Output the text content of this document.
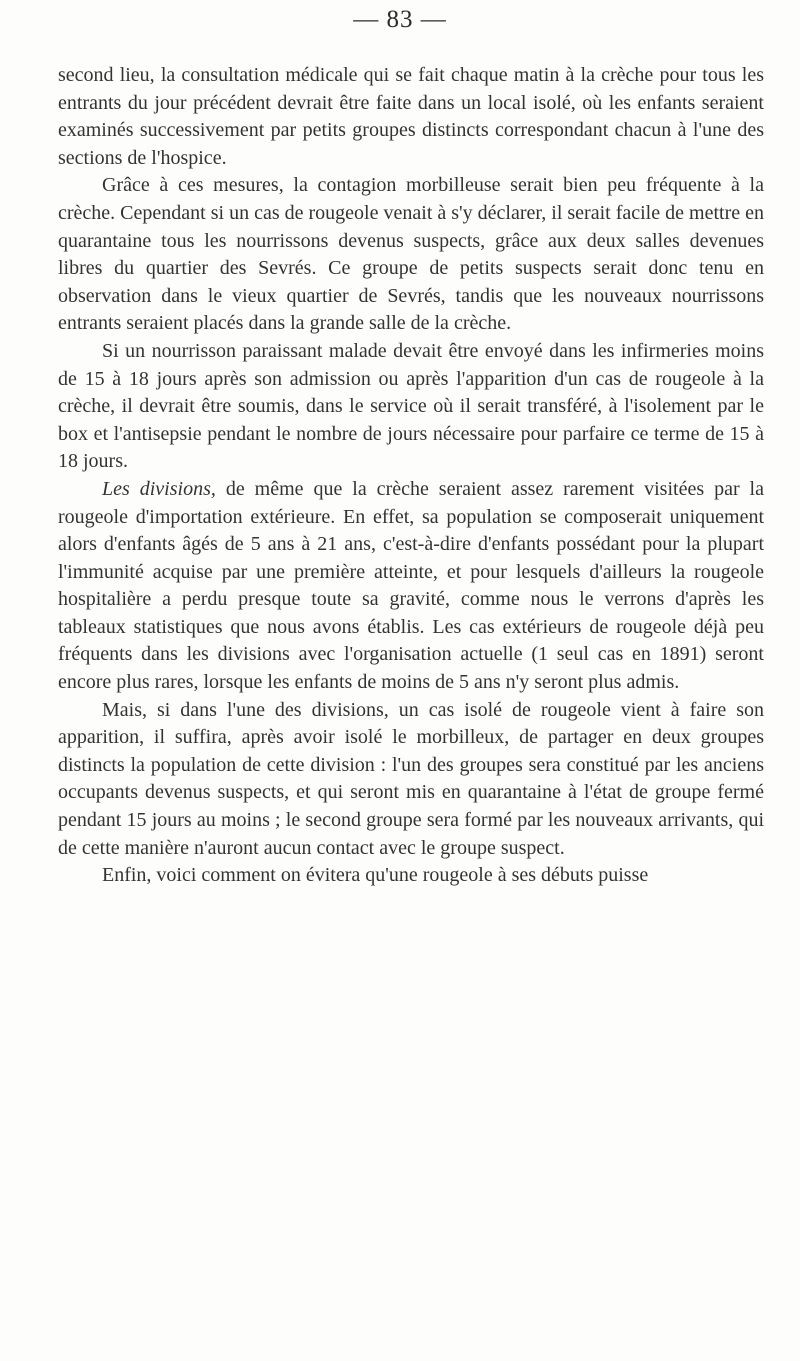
— 83 —

second lieu, la consultation médicale qui se fait chaque matin à la crèche pour tous les entrants du jour précédent devrait être faite dans un local isolé, où les enfants seraient examinés successivement par petits groupes distincts correspondant chacun à l'une des sections de l'hospice.

Grâce à ces mesures, la contagion morbilleuse serait bien peu fréquente à la crèche. Cependant si un cas de rougeole venait à s'y déclarer, il serait facile de mettre en quarantaine tous les nourrissons devenus suspects, grâce aux deux salles devenues libres du quartier des Sevrés. Ce groupe de petits suspects serait donc tenu en observation dans le vieux quartier de Sevrés, tandis que les nouveaux nourrissons entrants seraient placés dans la grande salle de la crèche.

Si un nourrisson paraissant malade devait être envoyé dans les infirmeries moins de 15 à 18 jours après son admission ou après l'apparition d'un cas de rougeole à la crèche, il devrait être soumis, dans le service où il serait transféré, à l'isolement par le box et l'antisepsie pendant le nombre de jours nécessaire pour parfaire ce terme de 15 à 18 jours.

Les divisions, de même que la crèche seraient assez rarement visitées par la rougeole d'importation extérieure. En effet, sa population se composerait uniquement alors d'enfants âgés de 5 ans à 21 ans, c'est-à-dire d'enfants possédant pour la plupart l'immunité acquise par une première atteinte, et pour lesquels d'ailleurs la rougeole hospitalière a perdu presque toute sa gravité, comme nous le verrons d'après les tableaux statistiques que nous avons établis. Les cas extérieurs de rougeole déjà peu fréquents dans les divisions avec l'organisation actuelle (1 seul cas en 1891) seront encore plus rares, lorsque les enfants de moins de 5 ans n'y seront plus admis.

Mais, si dans l'une des divisions, un cas isolé de rougeole vient à faire son apparition, il suffira, après avoir isolé le morbilleux, de partager en deux groupes distincts la population de cette division : l'un des groupes sera constitué par les anciens occupants devenus suspects, et qui seront mis en quarantaine à l'état de groupe fermé pendant 15 jours au moins ; le second groupe sera formé par les nouveaux arrivants, qui de cette manière n'auront aucun contact avec le groupe suspect.

Enfin, voici comment on évitera qu'une rougeole à ses débuts puisse
